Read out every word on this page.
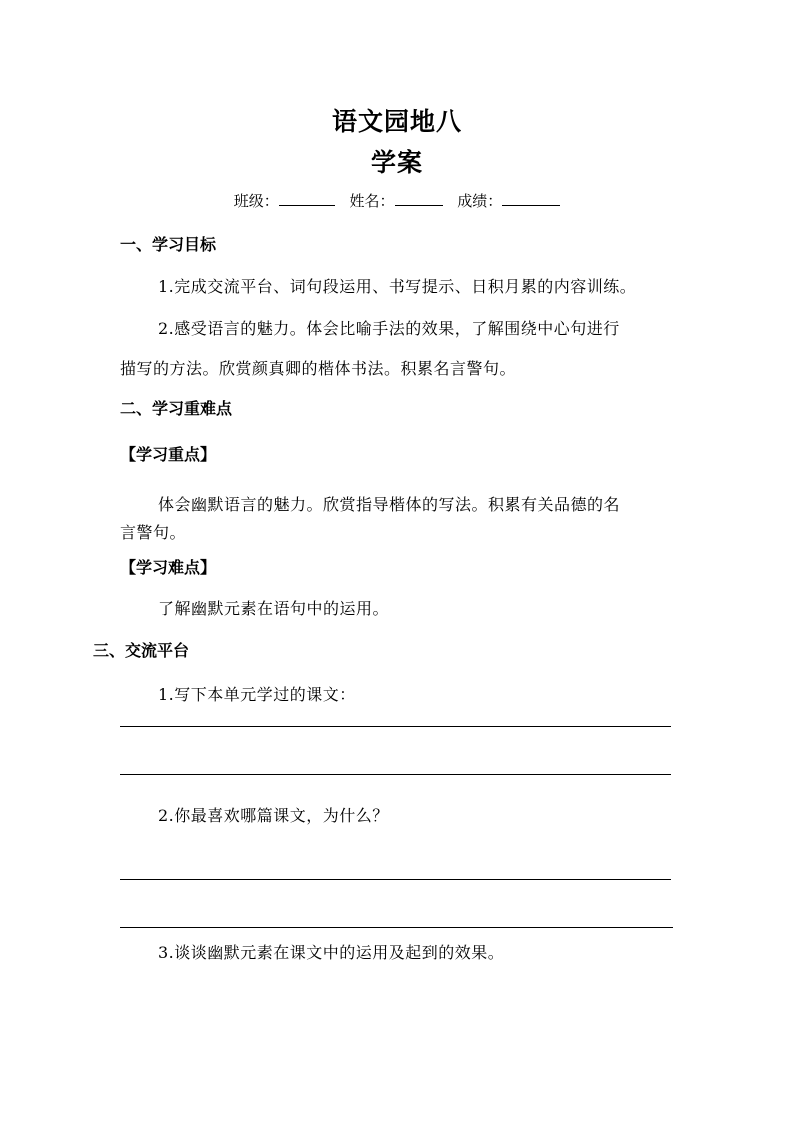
语文园地八
学案
班级：	姓名：	成绩：
一、学习目标
1.完成交流平台、词句段运用、书写提示、日积月累的内容训练。
2.感受语言的魅力。体会比喻手法的效果，了解围绕中心句进行
描写的方法。欣赏颜真卿的楷体书法。积累名言警句。
二、学习重难点
【学习重点】
体会幽默语言的魅力。欣赏指导楷体的写法。积累有关品德的名
言警句。
【学习难点】
了解幽默元素在语句中的运用。
三、交流平台
1.写下本单元学过的课文：
2.你最喜欢哪篇课文，为什么？
3.谈谈幽默元素在课文中的运用及起到的效果。
